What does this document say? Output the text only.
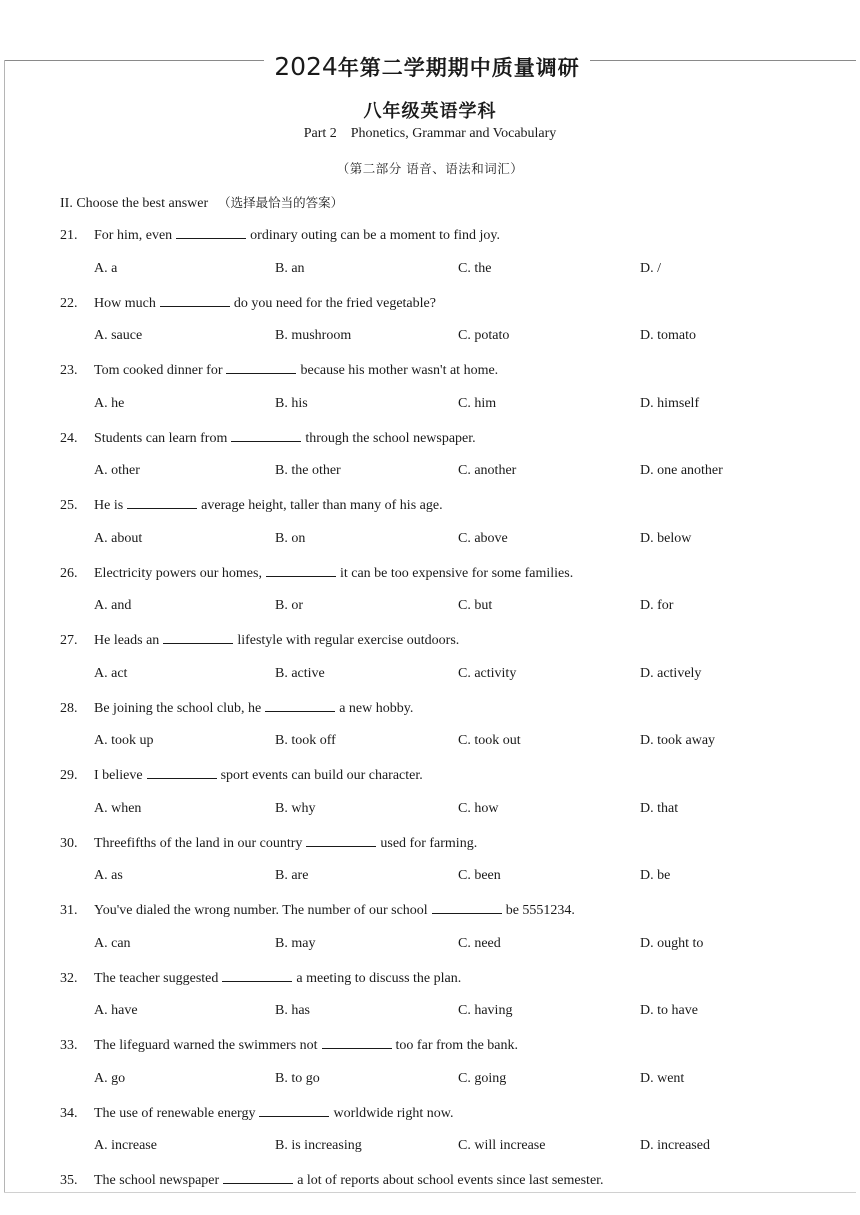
2024年第二学期期中质量调研
八年级英语学科
Part 2 Phonetics, Grammar and Vocabulary
（第二部分 语音、语法和词汇）
II. Choose the best answer （选择最恰当的答案）
21. For him, even	ordinary outing can be a moment to find joy.
A. a	B. an	C. the	D. /
22. How much	do you need for the fried vegetable?
A. sauce	B. mushroom	C. potato	D. tomato
23. Tom cooked dinner for	because his mother wasn't at home.
A. he	B. his	C. him	D. himself
24. Students can learn from	through the school newspaper.
A. other	B. the other	C. another	D. one another
25. He is	average height, taller than many of his age.
A. about	B. on	C. above	D. below
26. Electricity powers our homes,	it can be too expensive for some families.
A. and	B. or	C. but	D. for
27. He leads an	lifestyle with regular exercise outdoors.
A. act	B. active	C. activity	D. actively
28. Be joining the school club, he	a new hobby.
A. took up	B. took off	C. took out	D. took away
29. I believe	sport events can build our character.
A. when	B. why	C. how	D. that
30. Threefifths of the land in our country	used for farming.
A. as	B. are	C. been	D. be
31. You've dialed the wrong number. The number of our school	be 5551234.
A. can	B. may	C. need	D. ought to
32. The teacher suggested	a meeting to discuss the plan.
A. have	B. has	C. having	D. to have
33. The lifeguard warned the swimmers not	too far from the bank.
A. go	B. to go	C. going	D. went
34. The use of renewable energy	worldwide right now.
A. increase	B. is increasing	C. will increase	D. increased
35. The school newspaper	a lot of reports about school events since last semester.
